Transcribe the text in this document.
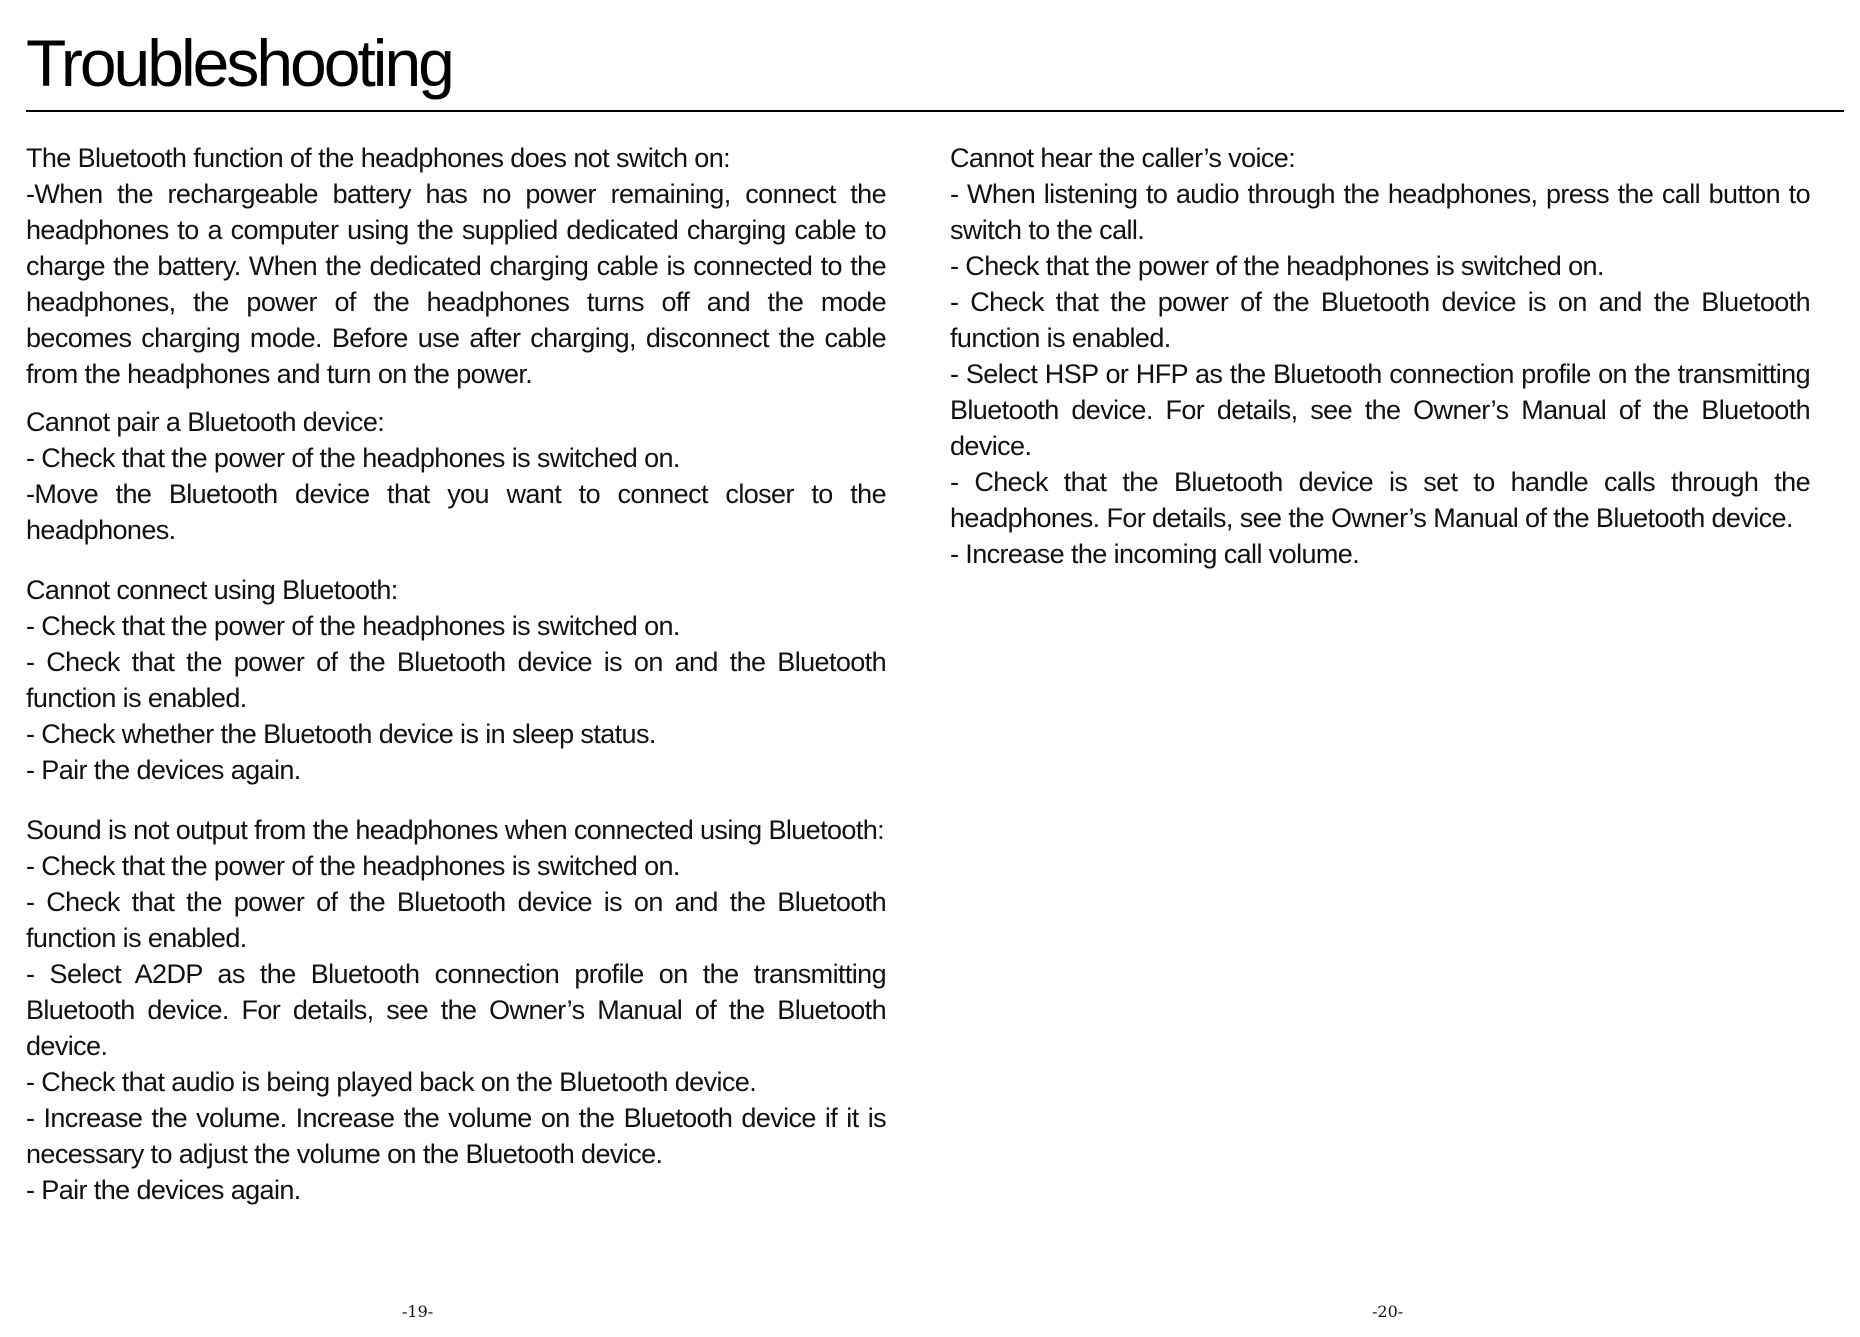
Troubleshooting
The Bluetooth function of the headphones does not switch on:
-When the rechargeable battery has no power remaining, connect the headphones to a computer using the supplied dedicated charging cable to charge the battery. When the dedicated charging cable is connected to the headphones, the power of the headphones turns off and the mode becomes charging mode. Before use after charging, disconnect the cable from the headphones and turn on the power.
Cannot pair a Bluetooth device:
- Check that the power of the headphones is switched on.
-Move the Bluetooth device that you want to connect closer to the headphones.
Cannot connect using Bluetooth:
- Check that the power of the headphones is switched on.
- Check that the power of the Bluetooth device is on and the Bluetooth function is enabled.
- Check whether the Bluetooth device is in sleep status.
- Pair the devices again.
Sound is not output from the headphones when connected using Bluetooth:
- Check that the power of the headphones is switched on.
- Check that the power of the Bluetooth device is on and the Bluetooth function is enabled.
- Select A2DP as the Bluetooth connection profile on the transmitting Bluetooth device. For details, see the Owner’s Manual of the Bluetooth device.
- Check that audio is being played back on the Bluetooth device.
- Increase the volume. Increase the volume on the Bluetooth device if it is necessary to adjust the volume on the Bluetooth device.
- Pair the devices again.
Cannot hear the caller’s voice:
- When listening to audio through the headphones, press the call button to switch to the call.
- Check that the power of the headphones is switched on.
- Check that the power of the Bluetooth device is on and the Bluetooth function is enabled.
- Select HSP or HFP as the Bluetooth connection profile on the transmitting Bluetooth device. For details, see the Owner’s Manual of the Bluetooth device.
- Check that the Bluetooth device is set to handle calls through the headphones. For details, see the Owner’s Manual of the Bluetooth device.
- Increase the incoming call volume.
-19-	-20-
